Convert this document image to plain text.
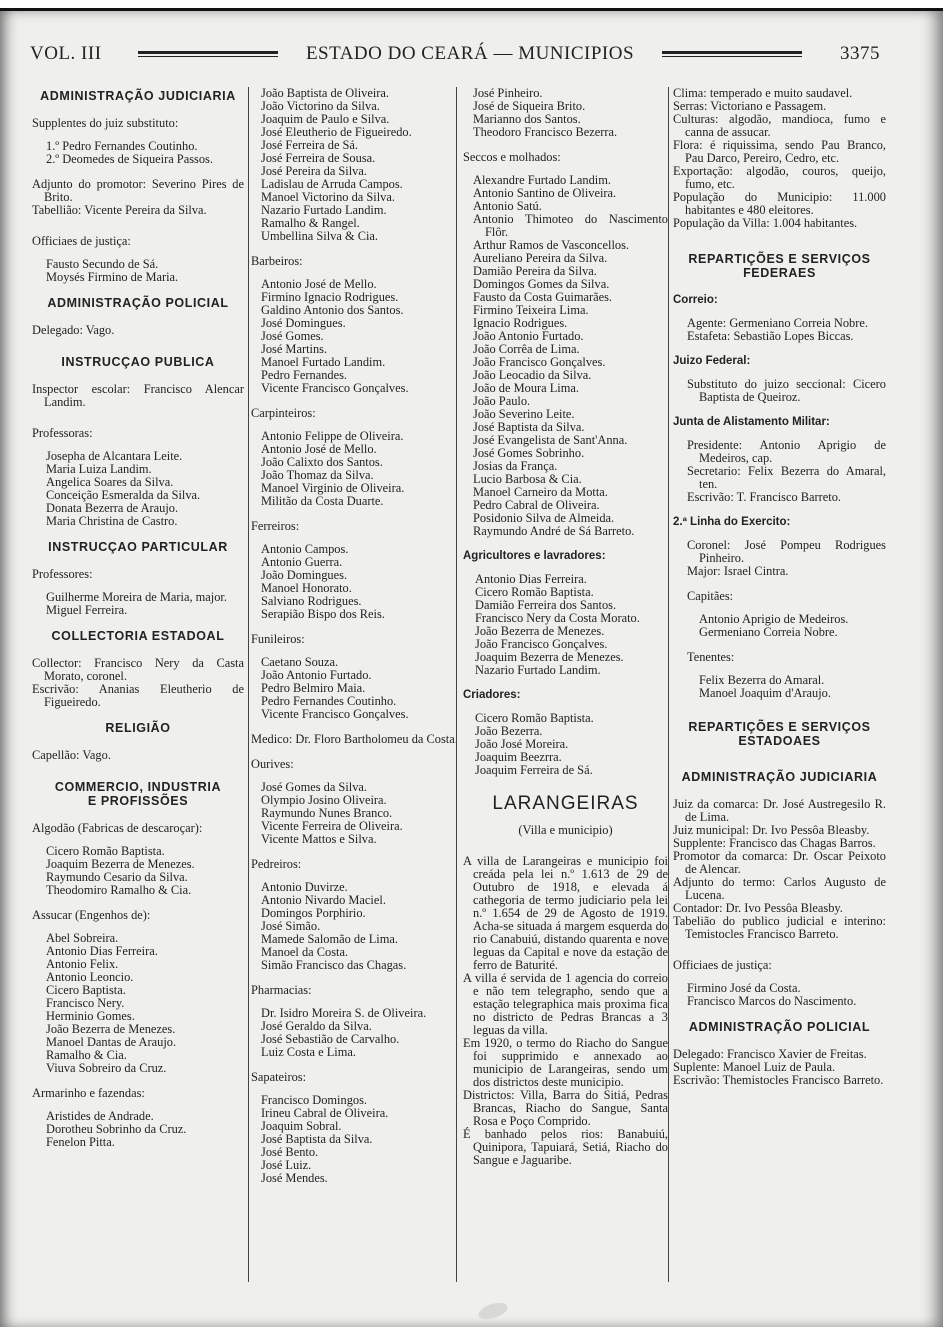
VOL. III	ESTADO DO CEARÁ — MUNICIPIOS	3375
ADMINISTRAÇÃO JUDICIARIA
Supplentes do juiz substituto:
1.º Pedro Fernandes Coutinho.
2.º Deomedes de Siqueira Passos.
Adjunto do promotor: Severino Pires de Brito.
Tabellião: Vicente Pereira da Silva.
Officiaes de justiça:
Fausto Secundo de Sá.
Moysés Firmino de Maria.
ADMINISTRAÇÃO POLICIAL
Delegado: Vago.
INSTRUCÇAO PUBLICA
Inspector escolar: Francisco Alencar Landim.
Professoras:
Josepha de Alcantara Leite.
Maria Luiza Landim.
Angelica Soares da Silva.
Conceição Esmeralda da Silva.
Donata Bezerra de Araujo.
Maria Christina de Castro.
INSTRUCÇAO PARTICULAR
Professores:
Guilherme Moreira de Maria, major.
Miguel Ferreira.
COLLECTORIA ESTADOAL
Collector: Francisco Nery da Casta Morato, coronel.
Escrivão: Ananias Eleutherio de Figueiredo.
RELIGIÃO
Capellão: Vago.
COMMERCIO, INDUSTRIA E PROFISSÕES
Algodão (Fabricas de descaroçar):
Cicero Romão Baptista.
Joaquim Bezerra de Menezes.
Raymundo Cesario da Silva.
Theodomiro Ramalho & Cia.
Assucar (Engenhos de):
Abel Sobreira.
Antonio Dias Ferreira.
Antonio Felix.
Antonio Leoncio.
Cicero Baptista.
Francisco Nery.
Herminio Gomes.
João Bezerra de Menezes.
Manoel Dantas de Araujo.
Ramalho & Cia.
Viuva Sobreiro da Cruz.
Armarinho e fazendas:
Aristides de Andrade.
Dorotheu Sobrinho da Cruz.
Fenelon Pitta.
João Baptista de Oliveira.
João Victorino da Silva.
Joaquim de Paulo e Silva.
José Eleutherio de Figueiredo.
José Ferreira de Sá.
José Ferreira de Sousa.
José Pereira da Silva.
Ladislau de Arruda Campos.
Manoel Victorino da Silva.
Nazario Furtado Landim.
Ramalho & Rangel.
Umbellina Silva & Cia.
Barbeiros:
Antonio José de Mello.
Firmino Ignacio Rodrigues.
Galdino Antonio dos Santos.
José Domingues.
José Gomes.
José Martins.
Manoel Furtado Landim.
Pedro Fernandes.
Vicente Francisco Gonçalves.
Carpinteiros:
Antonio Felippe de Oliveira.
Antonio José de Mello.
João Calixto dos Santos.
João Thomaz da Silva.
Manoel Virginio de Oliveira.
Militão da Costa Duarte.
Ferreiros:
Antonio Campos.
Antonio Guerra.
João Domingues.
Manoel Honorato.
Salviano Rodrigues.
Serapião Bispo dos Reis.
Funileiros:
Caetano Souza.
João Antonio Furtado.
Pedro Belmiro Maia.
Pedro Fernandes Coutinho.
Vicente Francisco Gonçalves.
Medico: Dr. Floro Bartholomeu da Costa.
Ourives:
José Gomes da Silva.
Olympio Josino Oliveira.
Raymundo Nunes Branco.
Vicente Ferreira de Oliveira.
Vicente Mattos e Silva.
Pedreiros:
Antonio Duvirze.
Antonio Nivardo Maciel.
Domingos Porphirio.
José Simão.
Mamede Salomão de Lima.
Manoel da Costa.
Simão Francisco das Chagas.
Pharmacias:
Dr. Isidro Moreira S. de Oliveira.
José Geraldo da Silva.
José Sebastião de Carvalho.
Luiz Costa e Lima.
Sapateiros:
Francisco Domingos.
Irineu Cabral de Oliveira.
Joaquim Sobral.
José Baptista da Silva.
José Bento.
José Luiz.
José Mendes.
José Pinheiro.
José de Siqueira Brito.
Marianno dos Santos.
Theodoro Francisco Bezerra.
Seccos e molhados:
Alexandre Furtado Landim.
Antonio Santino de Oliveira.
Antonio Satú.
Antonio Thimoteo do Nascimento Flôr.
Arthur Ramos de Vasconcellos.
Aureliano Pereira da Silva.
Damião Pereira da Silva.
Domingos Gomes da Silva.
Fausto da Costa Guimarães.
Firmino Teixeira Lima.
Ignacio Rodrigues.
João Antonio Furtado.
João Corrêa de Lima.
João Francisco Gonçalves.
João Leocadio da Silva.
João de Moura Lima.
João Paulo.
João Severino Leite.
José Baptista da Silva.
José Evangelista de Sant'Anna.
José Gomes Sobrinho.
Josias da França.
Lucio Barbosa & Cia.
Manoel Carneiro da Motta.
Pedro Cabral de Oliveira.
Posidonio Silva de Almeida.
Raymundo André de Sá Barreto.
Agricultores e lavradores:
Antonio Dias Ferreira.
Cicero Romão Baptista.
Damião Ferreira dos Santos.
Francisco Nery da Costa Morato.
João Bezerra de Menezes.
João Francisco Gonçalves.
Joaquim Bezerra de Menezes.
Nazario Furtado Landim.
Criadores:
Cicero Romão Baptista.
João Bezerra.
João José Moreira.
Joaquim Beezrra.
Joaquim Ferreira de Sá.
LARANGEIRAS
(Villa e municipio)
A villa de Larangeiras e municipio foi creáda pela lei n.º 1.613 de 29 de Outubro de 1918, e elevada á cathegoria de termo judiciario pela lei n.º 1.654 de 29 de Agosto de 1919. Acha-se situada á margem esquerda do rio Canabuiú, distando quarenta e nove leguas da Capital e nove da estação de ferro de Baturité.
A villa é servida de 1 agencia do correio e não tem telegrapho, sendo que a estação telegraphica mais proxima fica no districto de Pedras Brancas a 3 leguas da villa.
Em 1920, o termo do Riacho do Sangue foi supprimido e annexado ao municipio de Larangeiras, sendo um dos districtos deste municipio.
Districtos: Villa, Barra do Sitiá, Pedras Brancas, Riacho do Sangue, Santa Rosa e Poço Comprido.
É banhado pelos rios: Banabuiú, Quinipora, Tapuiará, Setiá, Riacho do Sangue e Jaguaribe.
Clima: temperado e muito saudavel.
Serras: Victoriano e Passagem.
Culturas: algodão, mandioca, fumo e canna de assucar.
Flora: é riquissima, sendo Pau Branco, Pau Darco, Pereiro, Cedro, etc.
Exportação: algodão, couros, queijo, fumo, etc.
População do Municipio: 11.000 habitantes e 480 eleitores.
População da Villa: 1.004 habitantes.
REPARTIÇÕES E SERVIÇOS FEDERAES
Correio:
Agente: Germeniano Correia Nobre.
Estafeta: Sebastião Lopes Biccas.
Juizo Federal:
Substituto do juizo seccional: Cicero Baptista de Queiroz.
Junta de Alistamento Militar:
Presidente: Antonio Aprigio de Medeiros, cap.
Secretario: Felix Bezerra do Amaral, ten.
Escrivão: T. Francisco Barreto.
2.ª Linha do Exercito:
Coronel: José Pompeu Rodrigues Pinheiro.
Major: Israel Cintra.
Capitães:
Antonio Aprigio de Medeiros.
Germeniano Correia Nobre.
Tenentes:
Felix Bezerra do Amaral.
Manoel Joaquim d'Araujo.
REPARTIÇÕES E SERVIÇOS ESTADOAES
ADMINISTRAÇÃO JUDICIARIA
Juiz da comarca: Dr. José Austregesilo R. de Lima.
Juiz municipal: Dr. Ivo Pessôa Bleasby.
Supplente: Francisco das Chagas Barros.
Promotor da comarca: Dr. Oscar Peixoto de Alencar.
Adjunto do termo: Carlos Augusto de Lucena.
Contador: Dr. Ivo Pessôa Bleasby.
Tabelião do publico judicial e interino: Temistocles Francisco Barreto.
Officiaes de justiça:
Firmino José da Costa.
Francisco Marcos do Nascimento.
ADMINISTRAÇÃO POLICIAL
Delegado: Francisco Xavier de Freitas.
Suplente: Manoel Luiz de Paula.
Escrivão: Themistocles Francisco Barreto.
